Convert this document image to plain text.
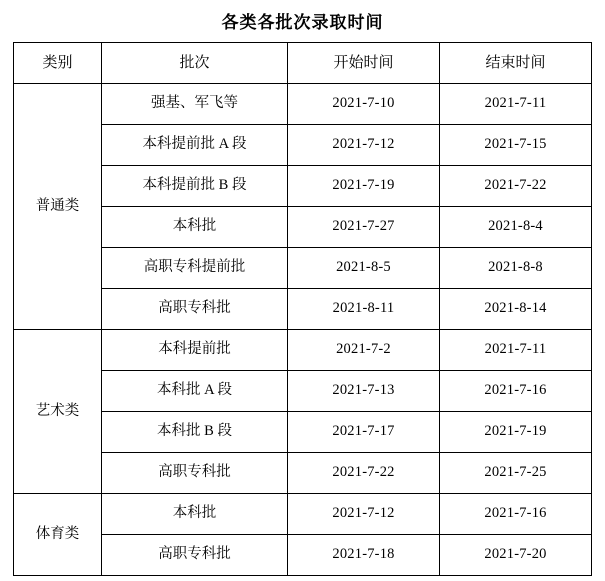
各类各批次录取时间
类别	批次	开始时间	结束时间
普通类	强基、军飞等	2021-7-10	2021-7-11
	本科提前批 A 段	2021-7-12	2021-7-15
	本科提前批 B 段	2021-7-19	2021-7-22
	本科批	2021-7-27	2021-8-4
	高职专科提前批	2021-8-5	2021-8-8
	高职专科批	2021-8-11	2021-8-14
艺术类	本科提前批	2021-7-2	2021-7-11
	本科批 A 段	2021-7-13	2021-7-16
	本科批 B 段	2021-7-17	2021-7-19
	高职专科批	2021-7-22	2021-7-25
体育类	本科批	2021-7-12	2021-7-16
	高职专科批	2021-7-18	2021-7-20
